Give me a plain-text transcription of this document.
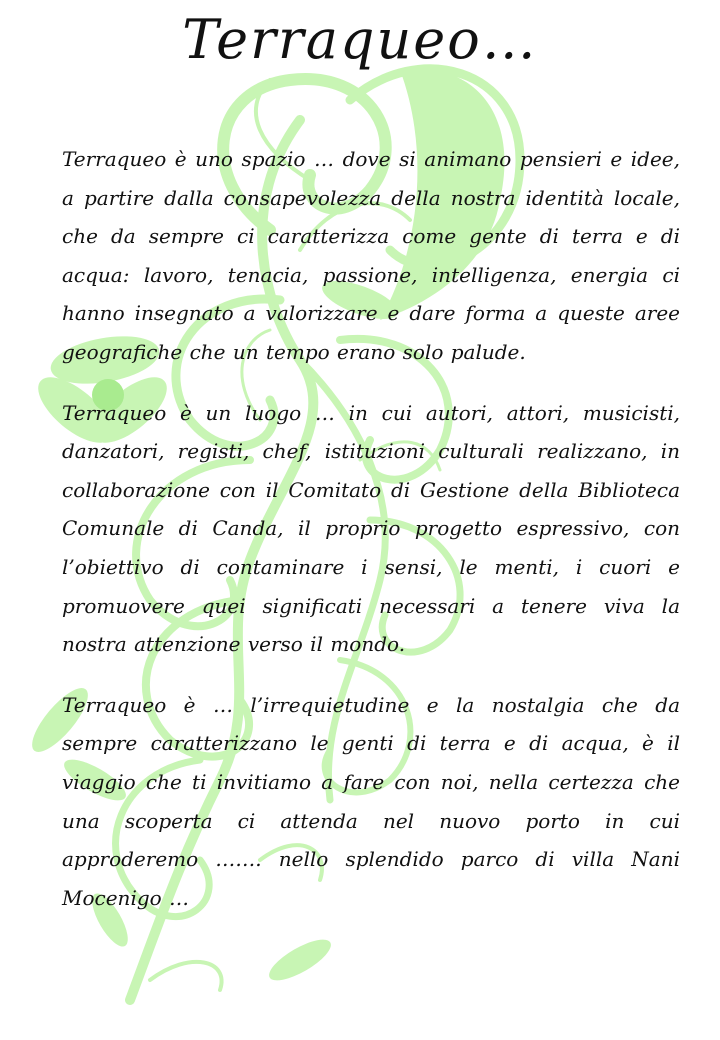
Terraqueo…

Terraqueo è uno spazio … dove si animano pensieri e idee, a partire dalla consapevolezza della nostra identità locale, che da sempre ci caratterizza come gente di terra e di acqua: lavoro, tenacia, passione, intelligenza, energia ci hanno insegnato a valorizzare e dare forma a queste aree geografiche che un tempo erano solo palude.

Terraqueo è un luogo … in cui autori, attori, musicisti, danzatori, registi, chef, istituzioni culturali realizzano, in collaborazione con il Comitato di Gestione della Biblioteca Comunale di Canda, il proprio progetto espressivo, con l’obiettivo di contaminare i sensi, le menti, i cuori e promuovere quei significati necessari a tenere viva la nostra attenzione verso il mondo.

Terraqueo è … l’irrequietudine e la nostalgia che da sempre caratterizzano le genti di terra e di acqua, è il viaggio che ti invitiamo a fare con noi, nella certezza che una scoperta ci attenda nel nuovo porto in cui approderemo ……. nello splendido parco di villa Nani Mocenigo …
